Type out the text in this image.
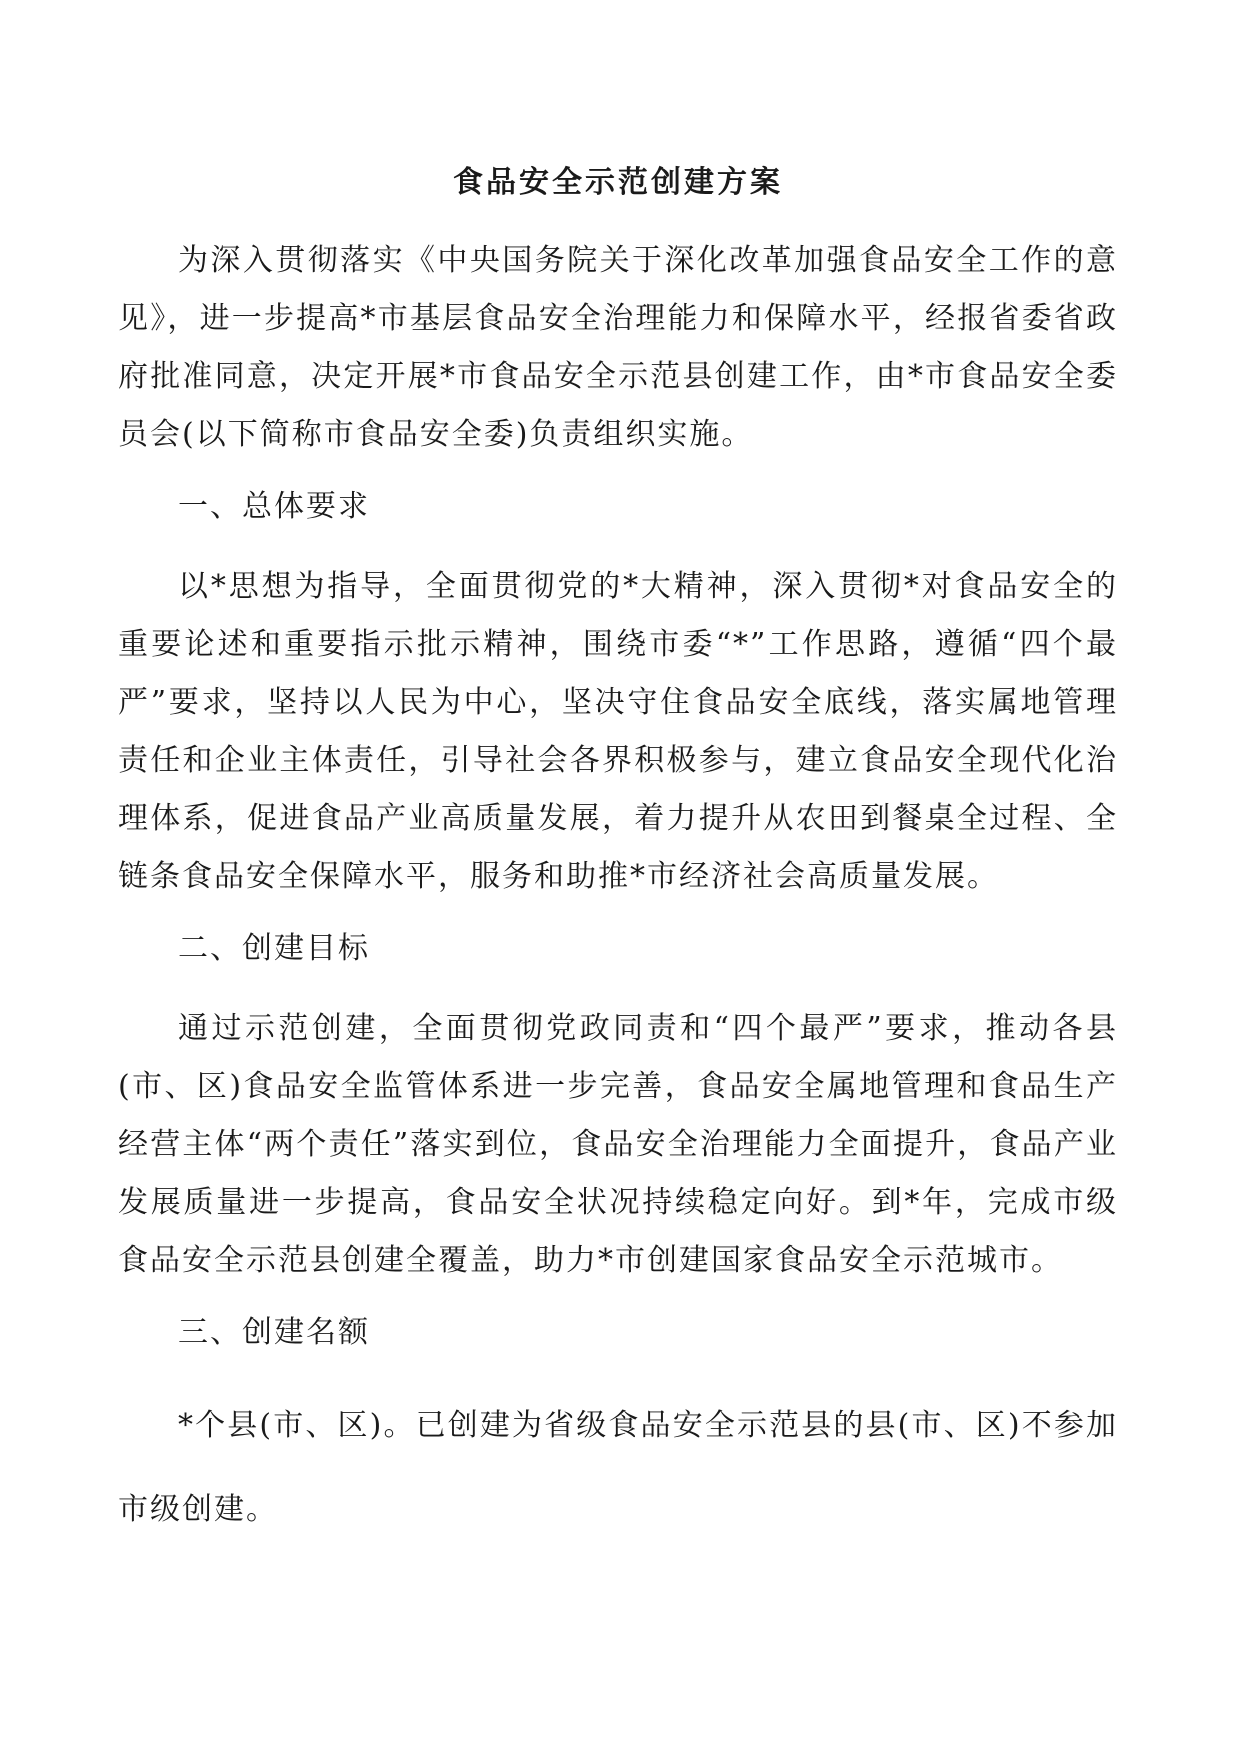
食品安全示范创建方案

为深入贯彻落实《中央国务院关于深化改革加强食品安全工作的意见》，进一步提高*市基层食品安全治理能力和保障水平，经报省委省政府批准同意，决定开展*市食品安全示范县创建工作，由*市食品安全委员会(以下简称市食品安全委)负责组织实施。

一、总体要求

以*思想为指导，全面贯彻党的*大精神，深入贯彻*对食品安全的重要论述和重要指示批示精神，围绕市委“*”工作思路，遵循“四个最严”要求，坚持以人民为中心，坚决守住食品安全底线，落实属地管理责任和企业主体责任，引导社会各界积极参与，建立食品安全现代化治理体系，促进食品产业高质量发展，着力提升从农田到餐桌全过程、全链条食品安全保障水平，服务和助推*市经济社会高质量发展。

二、创建目标

通过示范创建，全面贯彻党政同责和“四个最严”要求，推动各县(市、区)食品安全监管体系进一步完善，食品安全属地管理和食品生产经营主体“两个责任”落实到位，食品安全治理能力全面提升，食品产业发展质量进一步提高，食品安全状况持续稳定向好。到*年，完成市级食品安全示范县创建全覆盖，助力*市创建国家食品安全示范城市。

三、创建名额

*个县(市、区)。已创建为省级食品安全示范县的县(市、区)不参加市级创建。
